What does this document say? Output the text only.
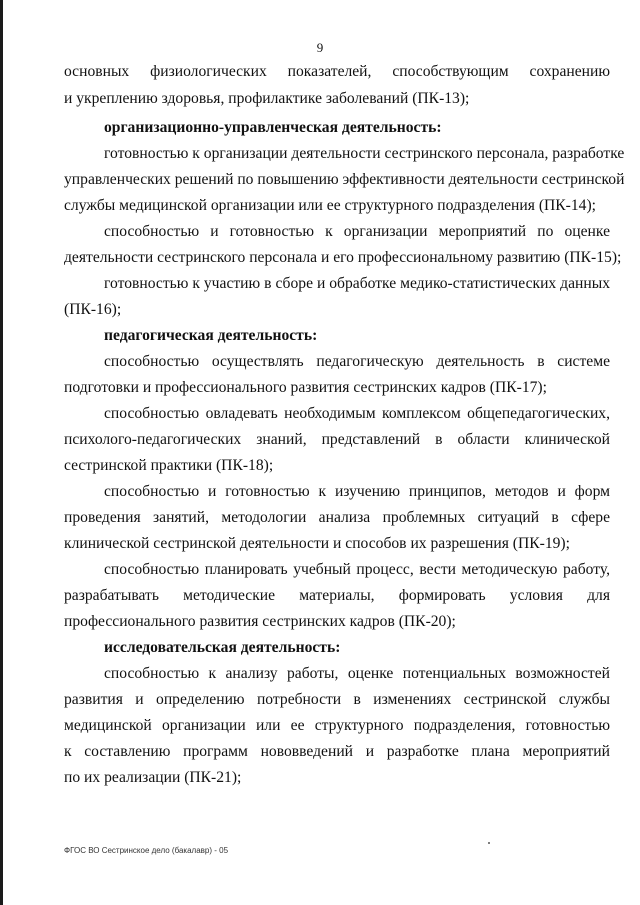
9
основных физиологических показателей, способствующим сохранению
и укреплению здоровья, профилактике заболеваний (ПК-13);
организационно-управленческая деятельность:
готовностью к организации деятельности сестринского персонала, разработке
управленческих решений по повышению эффективности деятельности сестринской
службы медицинской организации или ее структурного подразделения (ПК-14);
способностью и готовностью к организации мероприятий по оценке
деятельности сестринского персонала и его профессиональному развитию (ПК-15);
готовностью к участию в сборе и обработке медико-статистических данных
(ПК-16);
педагогическая деятельность:
способностью осуществлять педагогическую деятельность в системе
подготовки и профессионального развития сестринских кадров (ПК-17);
способностью овладевать необходимым комплексом общепедагогических,
психолого-педагогических знаний, представлений в области клинической
сестринской практики (ПК-18);
способностью и готовностью к изучению принципов, методов и форм
проведения занятий, методологии анализа проблемных ситуаций в сфере
клинической сестринской деятельности и способов их разрешения (ПК-19);
способностью планировать учебный процесс, вести методическую работу,
разрабатывать методические материалы, формировать условия для
профессионального развития сестринских кадров (ПК-20);
исследовательская деятельность:
способностью к анализу работы, оценке потенциальных возможностей
развития и определению потребности в изменениях сестринской службы
медицинской организации или ее структурного подразделения, готовностью
к составлению программ нововведений и разработке плана мероприятий
по их реализации (ПК-21);
ФГОС ВО Сестринское дело (бакалавр) - 05
